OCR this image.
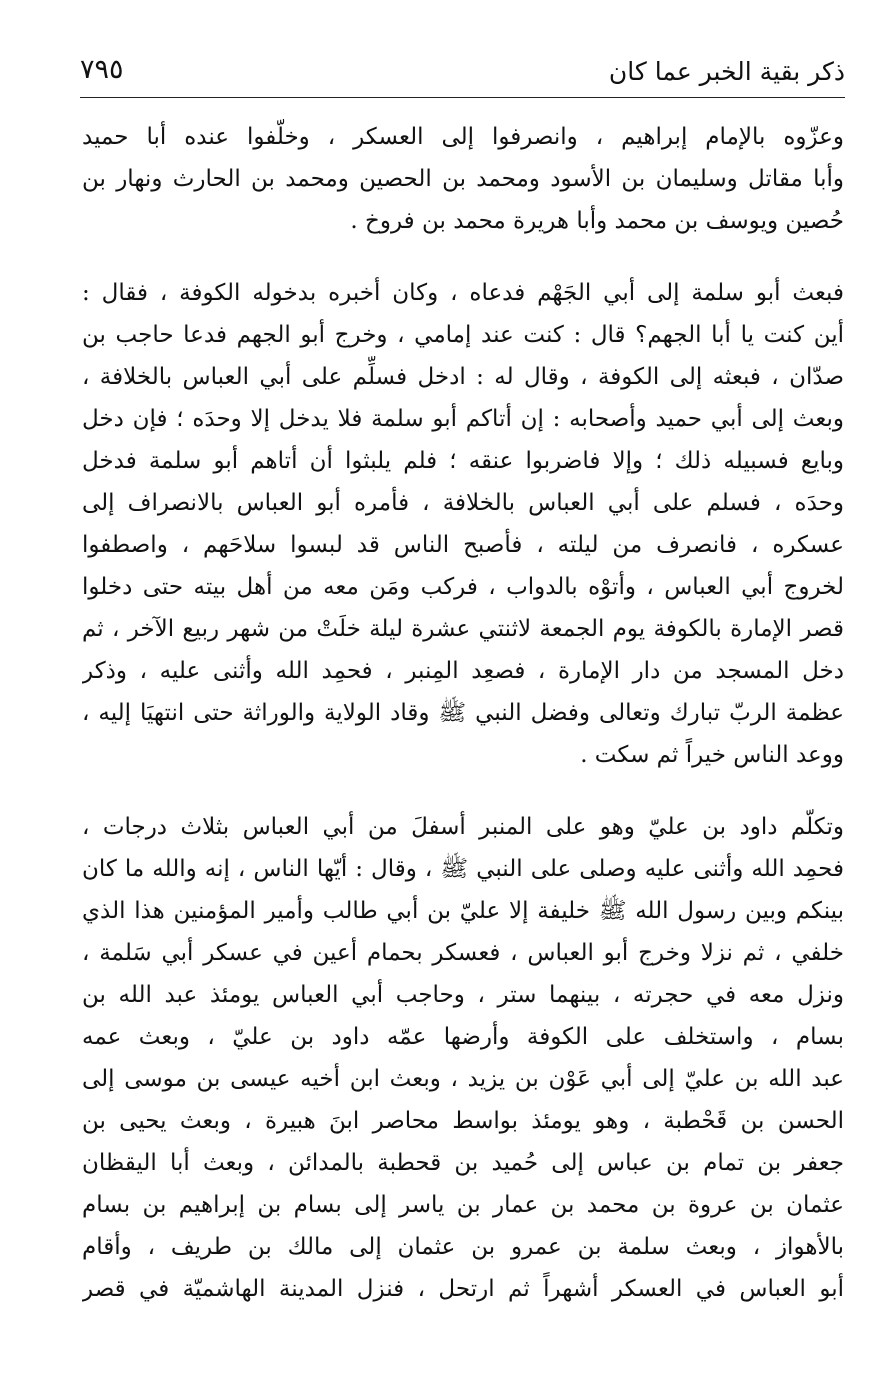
ذكر بقية الخبر عما كان
٧٩٥
وعزّوه بالإمام إبراهيم ، وانصرفوا إلى العسكر ، وخلّفوا عنده أبا حميد
وأبا مقاتل وسليمان بن الأسود ومحمد بن الحصين ومحمد بن الحارث ونهار بن
حُصين ويوسف بن محمد وأبا هريرة محمد بن فروخ .
فبعث أبو سلمة إلى أبي الجَهْم فدعاه ، وكان أخبره بدخوله الكوفة ، فقال :
أين كنت يا أبا الجهم؟ قال : كنت عند إمامي ، وخرج أبو الجهم فدعا حاجب بن
صدّان ، فبعثه إلى الكوفة ، وقال له : ادخل فسلِّم على أبي العباس بالخلافة ،
وبعث إلى أبي حميد وأصحابه : إن أتاكم أبو سلمة فلا يدخل إلا وحدَه ؛ فإن دخل
وبايع فسبيله ذلك ؛ وإلا فاضربوا عنقه ؛ فلم يلبثوا أن أتاهم أبو سلمة فدخل
وحدَه ، فسلم على أبي العباس بالخلافة ، فأمره أبو العباس بالانصراف إلى
عسكره ، فانصرف من ليلته ، فأصبح الناس قد لبسوا سلاحَهم ، واصطفوا
لخروج أبي العباس ، وأتوْه بالدواب ، فركب ومَن معه من أهل بيته حتى دخلوا
قصر الإمارة بالكوفة يوم الجمعة لاثنتي عشرة ليلة خلَتْ من شهر ربيع الآخر ، ثم
دخل المسجد من دار الإمارة ، فصعِد المِنبر ، فحمِد الله وأثنى عليه ، وذكر
عظمة الربّ تبارك وتعالى وفضل النبي ﷺ وقاد الولاية والوراثة حتى انتهيَا إليه ،
ووعد الناس خيراً ثم سكت .
وتكلّم داود بن عليّ وهو على المنبر أسفلَ من أبي العباس بثلاث درجات ،
فحمِد الله وأثنى عليه وصلى على النبي ﷺ ، وقال : أيّها الناس ، إنه والله ما كان
بينكم وبين رسول الله ﷺ خليفة إلا عليّ بن أبي طالب وأمير المؤمنين هذا الذي
خلفي ، ثم نزلا وخرج أبو العباس ، فعسكر بحمام أعين في عسكر أبي سَلمة ،
ونزل معه في حجرته ، بينهما ستر ، وحاجب أبي العباس يومئذ عبد الله بن
بسام ، واستخلف على الكوفة وأرضها عمّه داود بن عليّ ، وبعث عمه
عبد الله بن عليّ إلى أبي عَوْن بن يزيد ، وبعث ابن أخيه عيسى بن موسى إلى
الحسن بن قَحْطبة ، وهو يومئذ بواسط محاصر ابنَ هبيرة ، وبعث يحيى بن
جعفر بن تمام بن عباس إلى حُميد بن قحطبة بالمدائن ، وبعث أبا اليقظان
عثمان بن عروة بن محمد بن عمار بن ياسر إلى بسام بن إبراهيم بن بسام
بالأهواز ، وبعث سلمة بن عمرو بن عثمان إلى مالك بن طريف ، وأقام
أبو العباس في العسكر أشهراً ثم ارتحل ، فنزل المدينة الهاشميّة في قصر
